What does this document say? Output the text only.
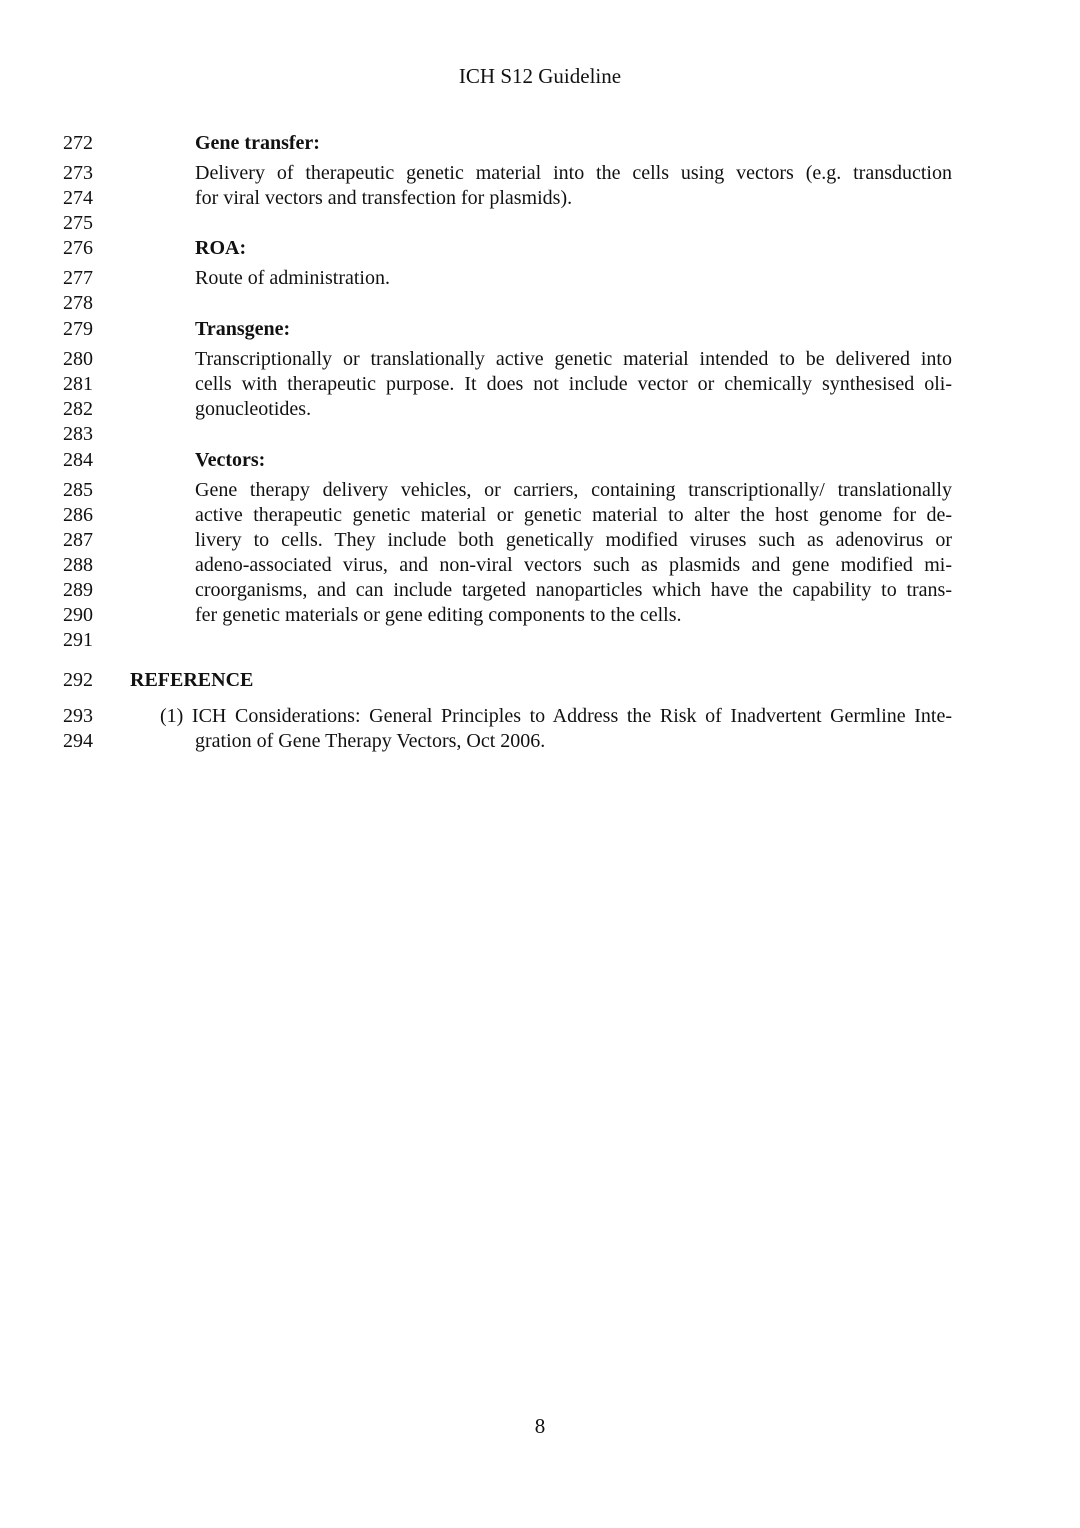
ICH S12 Guideline
272	Gene transfer:
273	Delivery of therapeutic genetic material into the cells using vectors (e.g. transduction
274	for viral vectors and transfection for plasmids).
275
276	ROA:
277	Route of administration.
278
279	Transgene:
280	Transcriptionally or translationally active genetic material intended to be delivered into
281	cells with therapeutic purpose. It does not include vector or chemically synthesised oli-
282	gonucleotides.
283
284	Vectors:
285	Gene therapy delivery vehicles, or carriers, containing transcriptionally/ translationally
286	active therapeutic genetic material or genetic material to alter the host genome for de-
287	livery to cells. They include both genetically modified viruses such as adenovirus or
288	adeno-associated virus, and non-viral vectors such as plasmids and gene modified mi-
289	croorganisms, and can include targeted nanoparticles which have the capability to trans-
290	fer genetic materials or gene editing components to the cells.
291
292	REFERENCE
293	(1) ICH Considerations: General Principles to Address the Risk of Inadvertent Germline Inte-
294	gration of Gene Therapy Vectors, Oct 2006.
8
